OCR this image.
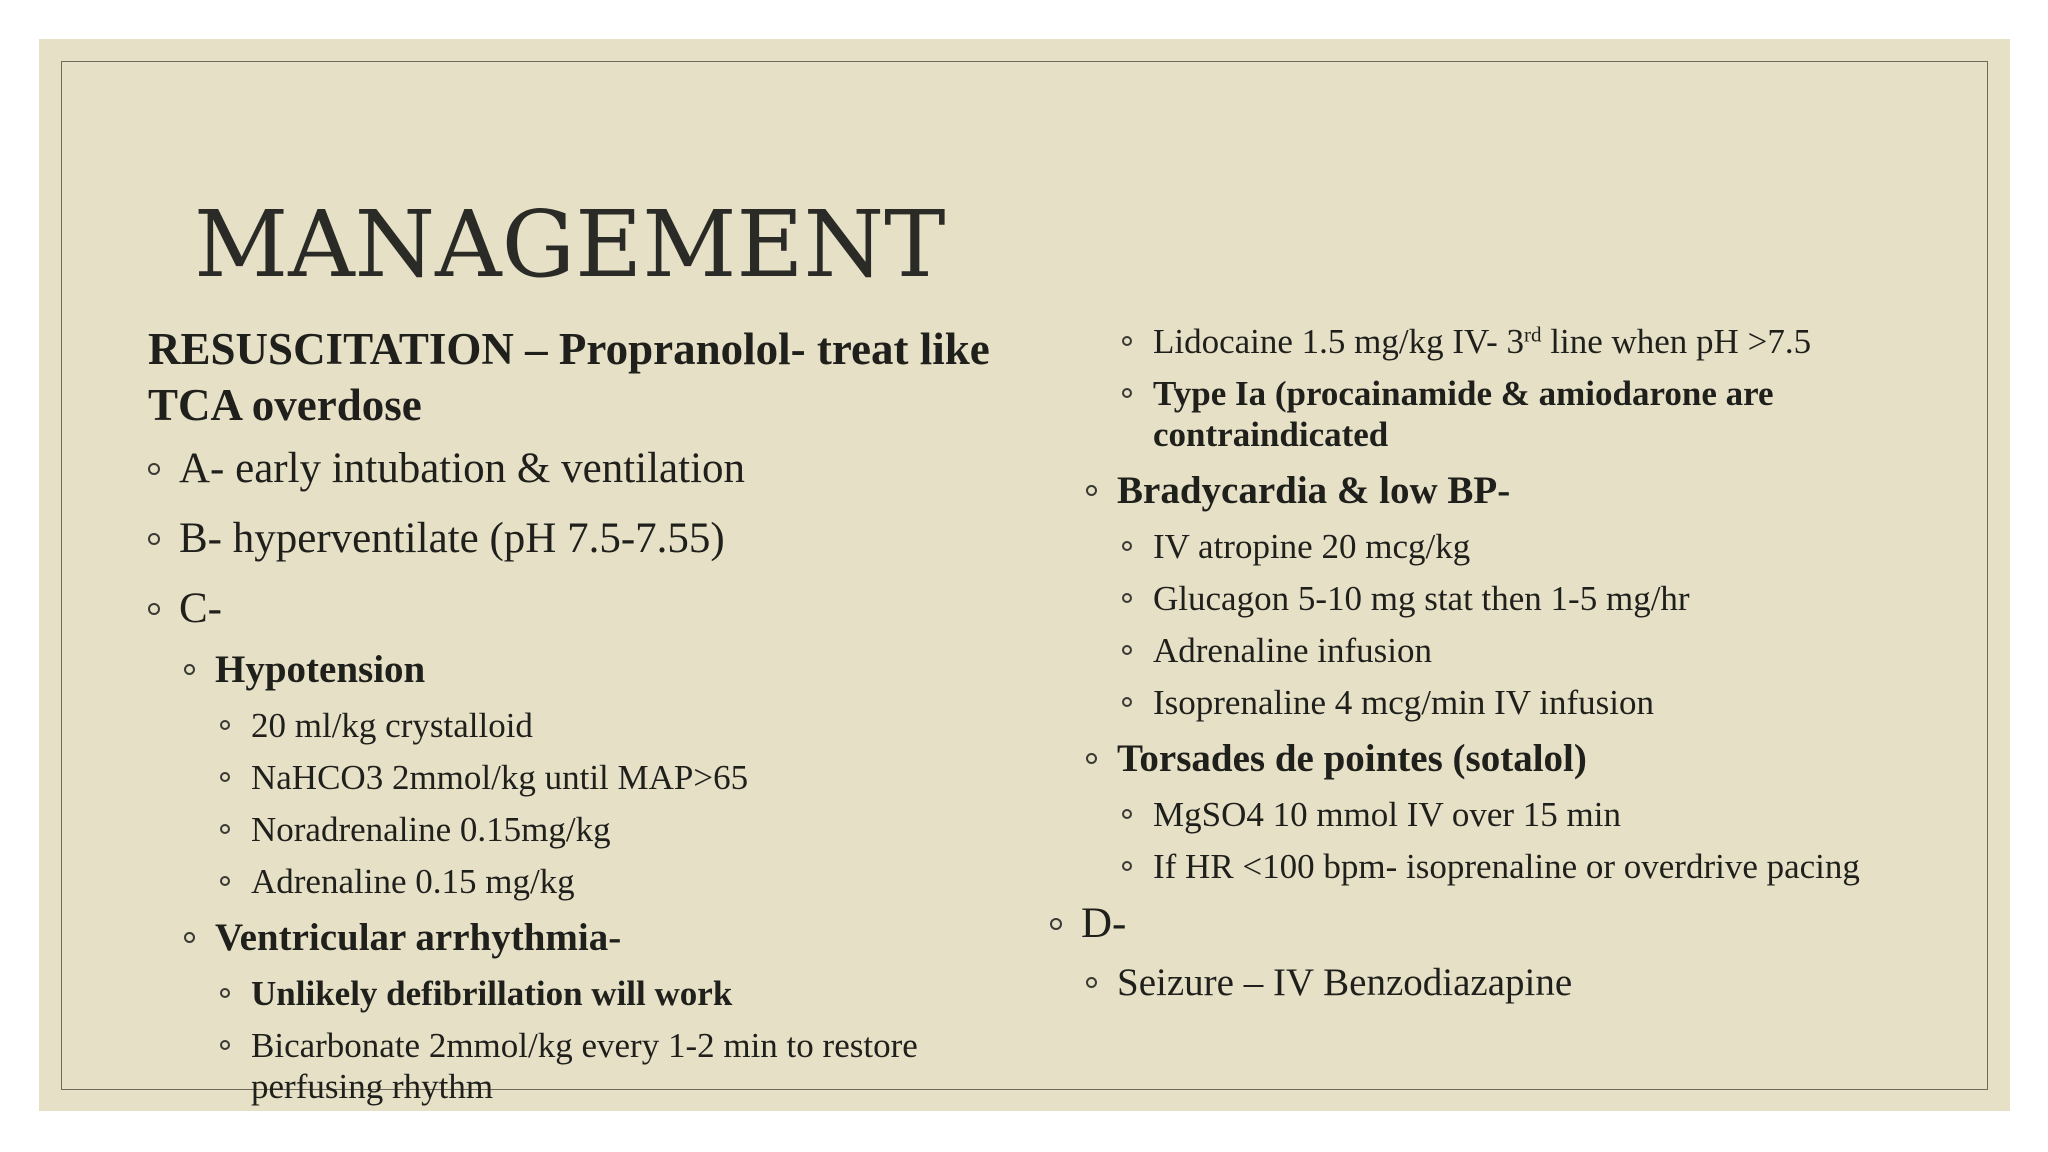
MANAGEMENT
RESUSCITATION – Propranolol- treat like TCA overdose
A- early intubation & ventilation
B- hyperventilate (pH 7.5-7.55)
C-
Hypotension
20 ml/kg crystalloid
NaHCO3 2mmol/kg until MAP>65
Noradrenaline 0.15mg/kg
Adrenaline 0.15 mg/kg
Ventricular arrhythmia-
Unlikely defibrillation will work
Bicarbonate 2mmol/kg every 1-2 min to restore perfusing rhythm
Lidocaine 1.5 mg/kg IV- 3rd line when pH >7.5
Type Ia (procainamide & amiodarone are contraindicated
Bradycardia & low BP-
IV atropine 20 mcg/kg
Glucagon 5-10 mg stat then 1-5 mg/hr
Adrenaline infusion
Isoprenaline 4 mcg/min IV infusion
Torsades de pointes (sotalol)
MgSO4 10 mmol IV over 15 min
If HR <100 bpm- isoprenaline or overdrive pacing
D-
Seizure – IV Benzodiazapine
